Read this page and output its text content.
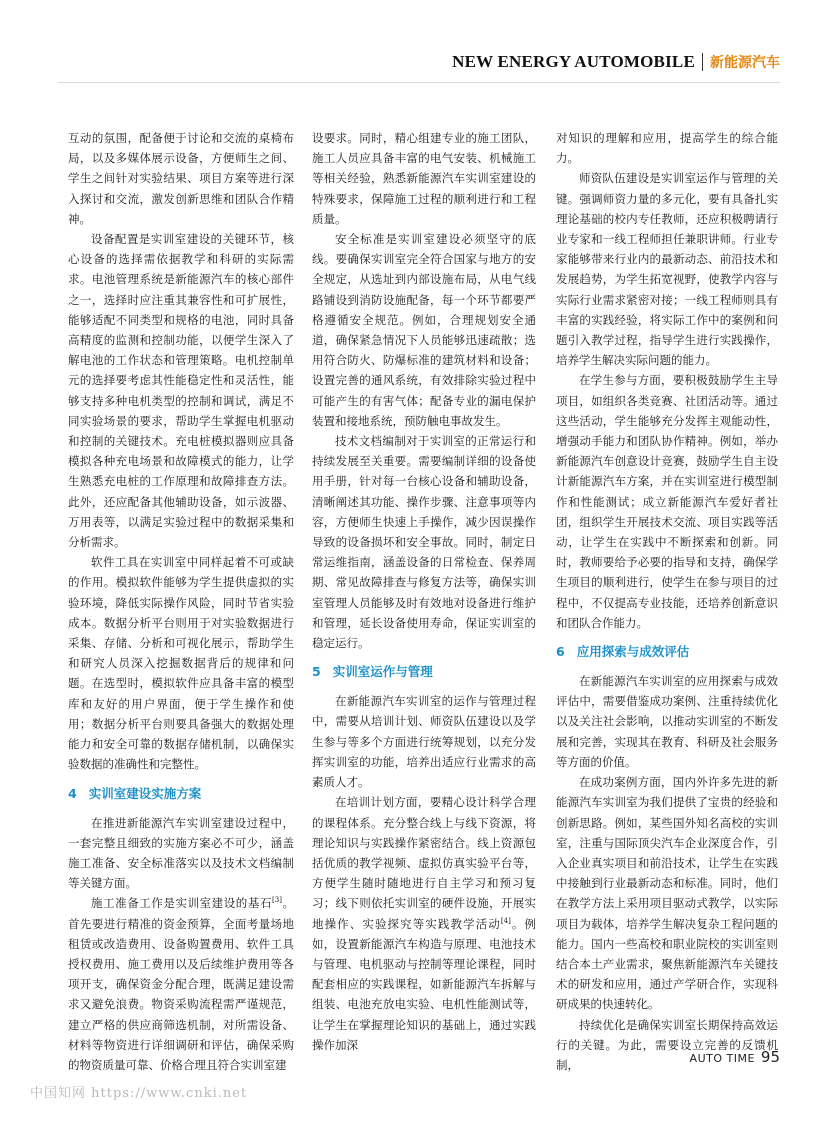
NEW ENERGY AUTOMOBILE 新能源汽车

互动的氛围，配备便于讨论和交流的桌椅布局，以及多媒体展示设备，方便师生之间、学生之间针对实验结果、项目方案等进行深入探讨和交流，激发创新思维和团队合作精神。

设备配置是实训室建设的关键环节，核心设备的选择需依据教学和科研的实际需求。电池管理系统是新能源汽车的核心部件之一，选择时应注重其兼容性和可扩展性，能够适配不同类型和规格的电池，同时具备高精度的监测和控制功能，以便学生深入了解电池的工作状态和管理策略。电机控制单元的选择要考虑其性能稳定性和灵活性，能够支持多种电机类型的控制和调试，满足不同实验场景的要求，帮助学生掌握电机驱动和控制的关键技术。充电桩模拟器则应具备模拟各种充电场景和故障模式的能力，让学生熟悉充电桩的工作原理和故障排查方法。此外，还应配备其他辅助设备，如示波器、万用表等，以满足实验过程中的数据采集和分析需求。

软件工具在实训室中同样起着不可或缺的作用。模拟软件能够为学生提供虚拟的实验环境，降低实际操作风险，同时节省实验成本。数据分析平台则用于对实验数据进行采集、存储、分析和可视化展示，帮助学生和研究人员深入挖掘数据背后的规律和问题。在选型时，模拟软件应具备丰富的模型库和友好的用户界面，便于学生操作和使用；数据分析平台则要具备强大的数据处理能力和安全可靠的数据存储机制，以确保实验数据的准确性和完整性。

4 实训室建设实施方案

在推进新能源汽车实训室建设过程中，一套完整且细致的实施方案必不可少，涵盖施工准备、安全标准落实以及技术文档编制等关键方面。

施工准备工作是实训室建设的基石[3]。首先要进行精准的资金预算，全面考量场地租赁或改造费用、设备购置费用、软件工具授权费用、施工费用以及后续维护费用等各项开支，确保资金分配合理，既满足建设需求又避免浪费。物资采购流程需严谨规范，建立严格的供应商筛选机制，对所需设备、材料等物资进行详细调研和评估，确保采购的物资质量可靠、价格合理且符合实训室建

设要求。同时，精心组建专业的施工团队，施工人员应具备丰富的电气安装、机械施工等相关经验，熟悉新能源汽车实训室建设的特殊要求，保障施工过程的顺利进行和工程质量。

安全标准是实训室建设必须坚守的底线。要确保实训室完全符合国家与地方的安全规定，从选址到内部设施布局，从电气线路铺设到消防设施配备，每一个环节都要严格遵循安全规范。例如，合理规划安全通道，确保紧急情况下人员能够迅速疏散；选用符合防火、防爆标准的建筑材料和设备；设置完善的通风系统，有效排除实验过程中可能产生的有害气体；配备专业的漏电保护装置和接地系统，预防触电事故发生。

技术文档编制对于实训室的正常运行和持续发展至关重要。需要编制详细的设备使用手册，针对每一台核心设备和辅助设备，清晰阐述其功能、操作步骤、注意事项等内容，方便师生快速上手操作，减少因误操作导致的设备损坏和安全事故。同时，制定日常运维指南，涵盖设备的日常检查、保养周期、常见故障排查与修复方法等，确保实训室管理人员能够及时有效地对设备进行维护和管理，延长设备使用寿命，保证实训室的稳定运行。

5 实训室运作与管理

在新能源汽车实训室的运作与管理过程中，需要从培训计划、师资队伍建设以及学生参与等多个方面进行统筹规划，以充分发挥实训室的功能，培养出适应行业需求的高素质人才。

在培训计划方面，要精心设计科学合理的课程体系。充分整合线上与线下资源，将理论知识与实践操作紧密结合。线上资源包括优质的教学视频、虚拟仿真实验平台等，方便学生随时随地进行自主学习和预习复习；线下则依托实训室的硬件设施，开展实地操作、实验探究等实践教学活动[4]。例如，设置新能源汽车构造与原理、电池技术与管理、电机驱动与控制等理论课程，同时配套相应的实践课程，如新能源汽车拆解与组装、电池充放电实验、电机性能测试等，让学生在掌握理论知识的基础上，通过实践操作加深

对知识的理解和应用，提高学生的综合能力。

师资队伍建设是实训室运作与管理的关键。强调师资力量的多元化，要有具备扎实理论基础的校内专任教师，还应积极聘请行业专家和一线工程师担任兼职讲师。行业专家能够带来行业内的最新动态、前沿技术和发展趋势，为学生拓宽视野，使教学内容与实际行业需求紧密对接；一线工程师则具有丰富的实践经验，将实际工作中的案例和问题引入教学过程，指导学生进行实践操作，培养学生解决实际问题的能力。

在学生参与方面，要积极鼓励学生主导项目，如组织各类竞赛、社团活动等。通过这些活动，学生能够充分发挥主观能动性，增强动手能力和团队协作精神。例如，举办新能源汽车创意设计竞赛，鼓励学生自主设计新能源汽车方案，并在实训室进行模型制作和性能测试；成立新能源汽车爱好者社团，组织学生开展技术交流、项目实践等活动，让学生在实践中不断探索和创新。同时，教师要给予必要的指导和支持，确保学生项目的顺利进行，使学生在参与项目的过程中，不仅提高专业技能，还培养创新意识和团队合作能力。

6 应用探索与成效评估

在新能源汽车实训室的应用探索与成效评估中，需要借鉴成功案例、注重持续优化以及关注社会影响，以推动实训室的不断发展和完善，实现其在教育、科研及社会服务等方面的价值。

在成功案例方面，国内外许多先进的新能源汽车实训室为我们提供了宝贵的经验和创新思路。例如，某些国外知名高校的实训室，注重与国际顶尖汽车企业深度合作，引入企业真实项目和前沿技术，让学生在实践中接触到行业最新动态和标准。同时，他们在教学方法上采用项目驱动式教学，以实际项目为载体，培养学生解决复杂工程问题的能力。国内一些高校和职业院校的实训室则结合本土产业需求，聚焦新能源汽车关键技术的研发和应用，通过产学研合作，实现科研成果的快速转化。

持续优化是确保实训室长期保持高效运行的关键。为此，需要设立完善的反馈机制，	AUTO TIME 95
中国知网 https://www.cnki.net
